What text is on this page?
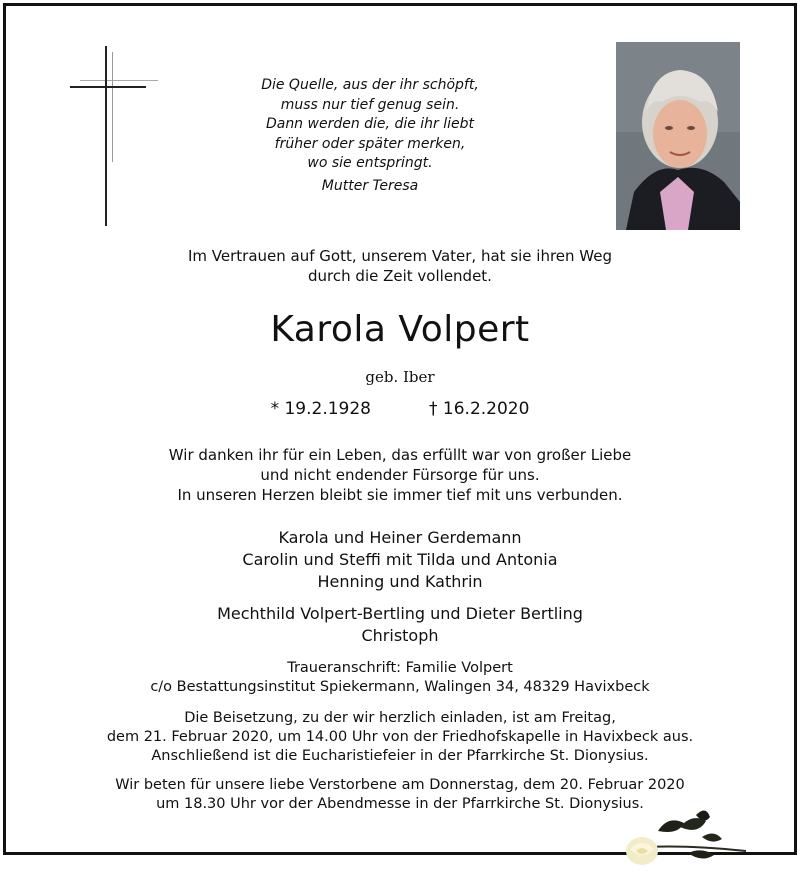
Die Quelle, aus der ihr schöpft,
muss nur tief genug sein.
Dann werden die, die ihr liebt
früher oder später merken,
wo sie entspringt.
Mutter Teresa
Im Vertrauen auf Gott, unserem Vater, hat sie ihren Weg
durch die Zeit vollendet.
Karola Volpert
geb. Iber
* 19.2.1928	† 16.2.2020
Wir danken ihr für ein Leben, das erfüllt war von großer Liebe
und nicht endender Fürsorge für uns.
In unseren Herzen bleibt sie immer tief mit uns verbunden.
Karola und Heiner Gerdemann
Carolin und Steffi mit Tilda und Antonia
Henning und Kathrin
Mechthild Volpert-Bertling und Dieter Bertling
Christoph
Traueranschrift: Familie Volpert
c/o Bestattungsinstitut Spiekermann, Walingen 34, 48329 Havixbeck
Die Beisetzung, zu der wir herzlich einladen, ist am Freitag,
dem 21. Februar 2020, um 14.00 Uhr von der Friedhofskapelle in Havixbeck aus.
Anschließend ist die Eucharistiefeier in der Pfarrkirche St. Dionysius.
Wir beten für unsere liebe Verstorbene am Donnerstag, dem 20. Februar 2020
um 18.30 Uhr vor der Abendmesse in der Pfarrkirche St. Dionysius.
